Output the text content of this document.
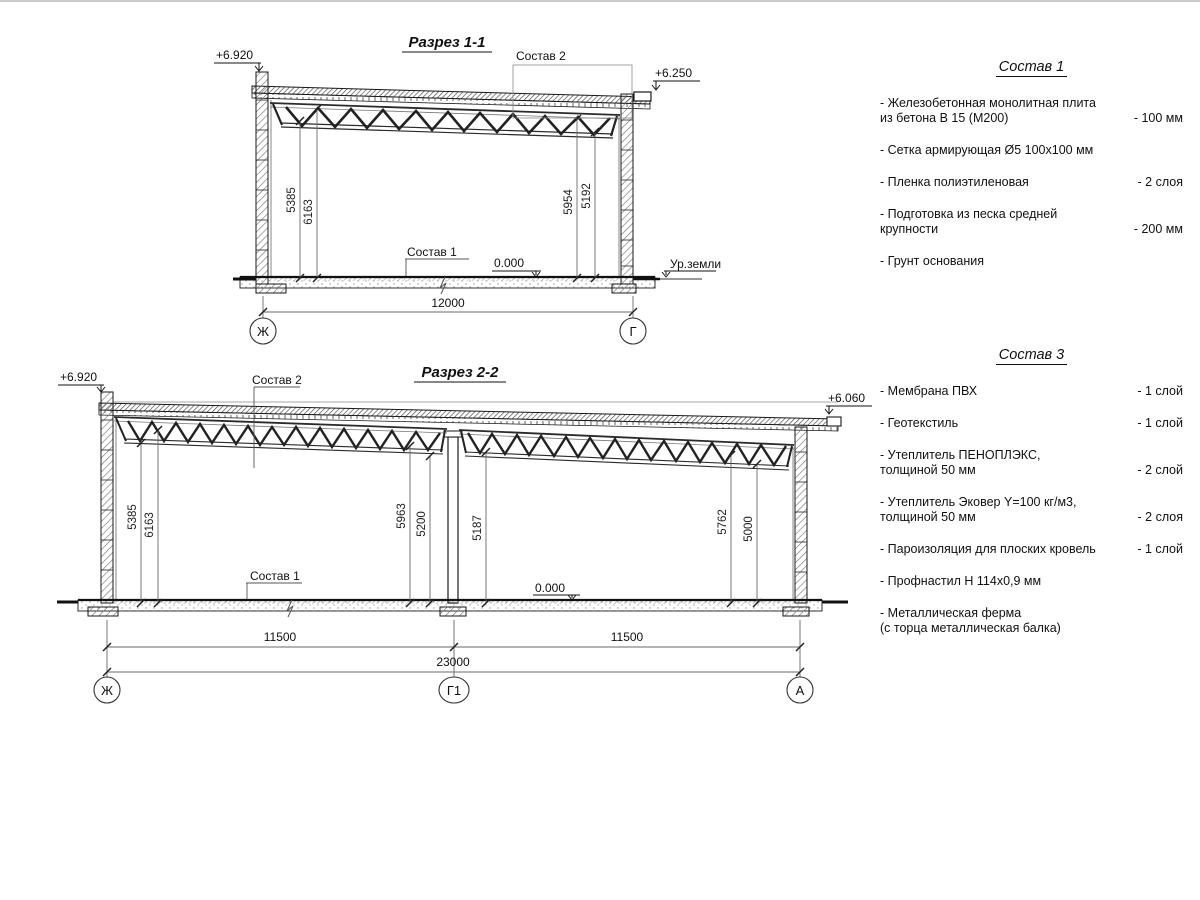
Разрез 1-1
Состав 2
+6.920
+6.250
Состав 1
0.000	Ур.земли
5385 6163	5954 5192
12000
Ж	Г
Разрез 2-2
Состав 2
Состав 1
0.000
+6.920
+6.060
5385 6163	5963 5200	5187	5762 5000
11500	11500
23000
Ж	Г1	А
Состав 1
- Железобетонная монолитная плита
из бетона В 15 (М200)	- 100 мм
- Сетка армирующая Ø5 100х100 мм
- Пленка полиэтиленовая	- 2 слоя
- Подготовка из песка средней
крупности	- 200 мм
- Грунт основания
Состав 3
- Мембрана ПВХ	- 1 слой
- Геотекстиль	- 1 слой
- Утеплитель ПЕНОПЛЭКС,
толщиной 50 мм	- 2 слой
- Утеплитель Эковер Y=100 кг/м3,
толщиной 50 мм	- 2 слоя
- Пароизоляция для плоских кровель	- 1 слой
- Профнастил Н 114х0,9 мм
- Металлическая ферма
(с торца металлическая балка)
